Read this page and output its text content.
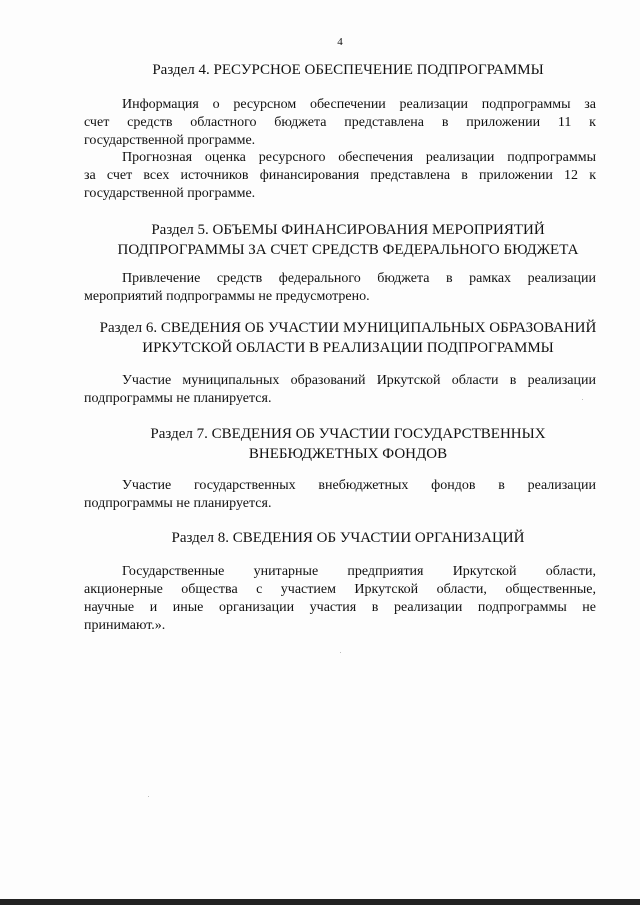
4
Раздел 4. РЕСУРСНОЕ ОБЕСПЕЧЕНИЕ ПОДПРОГРАММЫ
Информация о ресурсном обеспечении реализации подпрограммы за
счет средств областного бюджета представлена в приложении 11 к
государственной программе.
Прогнозная оценка ресурсного обеспечения реализации подпрограммы
за счет всех источников финансирования представлена в приложении 12 к
государственной программе.
Раздел 5. ОБЪЕМЫ ФИНАНСИРОВАНИЯ МЕРОПРИЯТИЙ
ПОДПРОГРАММЫ ЗА СЧЕТ СРЕДСТВ ФЕДЕРАЛЬНОГО БЮДЖЕТА
Привлечение средств федерального бюджета в рамках реализации
мероприятий подпрограммы не предусмотрено.
Раздел 6. СВЕДЕНИЯ ОБ УЧАСТИИ МУНИЦИПАЛЬНЫХ ОБРАЗОВАНИЙ
ИРКУТСКОЙ ОБЛАСТИ В РЕАЛИЗАЦИИ ПОДПРОГРАММЫ
Участие муниципальных образований Иркутской области в реализации
подпрограммы не планируется.
Раздел 7. СВЕДЕНИЯ ОБ УЧАСТИИ ГОСУДАРСТВЕННЫХ
ВНЕБЮДЖЕТНЫХ ФОНДОВ
Участие государственных внебюджетных фондов в реализации
подпрограммы не планируется.
Раздел 8. СВЕДЕНИЯ ОБ УЧАСТИИ ОРГАНИЗАЦИЙ
Государственные унитарные предприятия Иркутской области,
акционерные общества с участием Иркутской области, общественные,
научные и иные организации участия в реализации подпрограммы не
принимают.».
